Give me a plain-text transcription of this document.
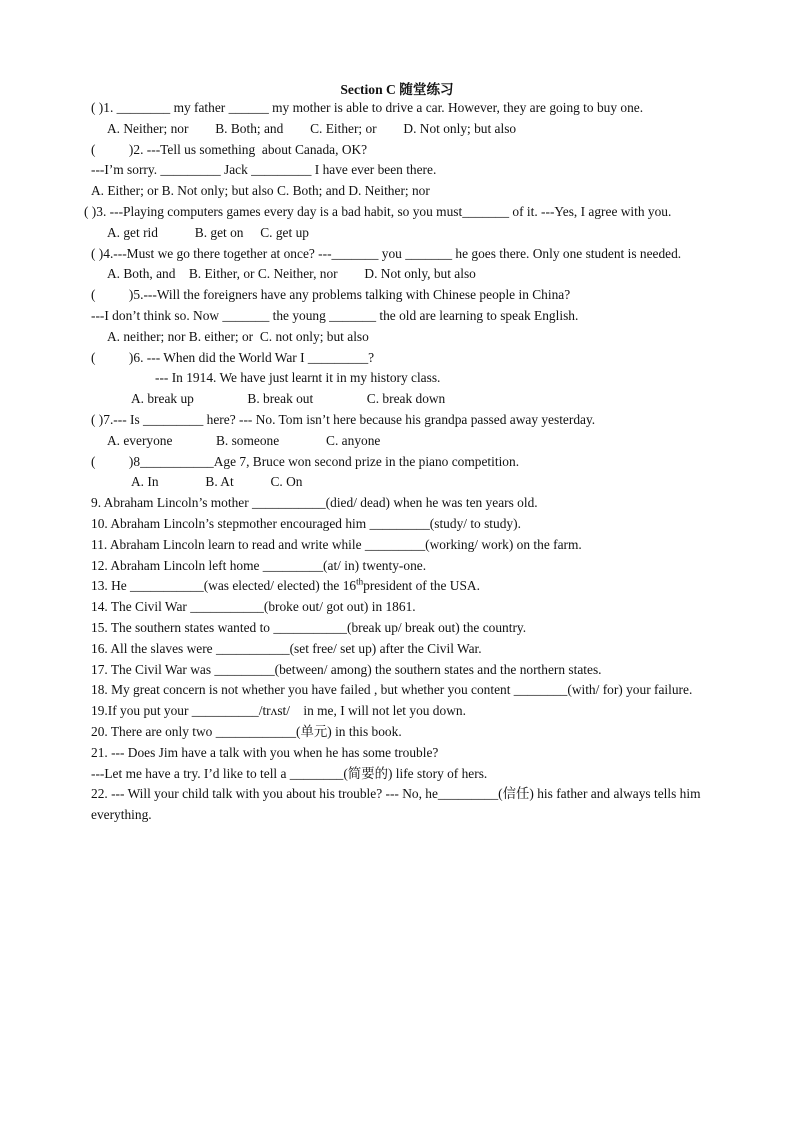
Section C 随堂练习
( )1. ________ my father ______ my mother is able to drive a car. However, they are going to buy one.
A. Neither; nor        B. Both; and        C. Either; or        D. Not only; but also
(          )2. ---Tell us something  about Canada, OK?
---I’m sorry. _________ Jack _________ I have ever been there.
A. Either; or B. Not only; but also C. Both; and D. Neither; nor
( )3. ---Playing computers games every day is a bad habit, so you must_______ of it. ---Yes, I agree with you.
A. get rid           B. get on     C. get up
( )4.---Must we go there together at once? ---_______ you _______ he goes there. Only one student is needed.
A. Both, and    B. Either, or C. Neither, nor        D. Not only, but also
(          )5.---Will the foreigners have any problems talking with Chinese people in China?
---I don’t think so. Now _______ the young _______ the old are learning to speak English.
A. neither; nor B. either; or  C. not only; but also
(          )6. --- When did the World War I _________?
--- In 1914. We have just learnt it in my history class.
A. break up                B. break out                C. break down
( )7.--- Is _________ here? --- No. Tom isn’t here because his grandpa passed away yesterday.
A. everyone             B. someone              C. anyone
(          )8___________Age 7, Bruce won second prize in the piano competition.
A. In              B. At           C. On
9. Abraham Lincoln’s mother ___________(died/ dead) when he was ten years old.
10. Abraham Lincoln’s stepmother encouraged him _________(study/ to study).
11. Abraham Lincoln learn to read and write while _________(working/ work) on the farm.
12. Abraham Lincoln left home _________(at/ in) twenty-one.
13. He ___________(was elected/ elected) the 16thpresident of the USA.
14. The Civil War ___________(broke out/ got out) in 1861.
15. The southern states wanted to ___________(break up/ break out) the country.
16. All the slaves were ___________(set free/ set up) after the Civil War.
17. The Civil War was _________(between/ among) the southern states and the northern states.
18. My great concern is not whether you have failed , but whether you content ________(with/ for) your failure.
19.If you put your __________/trʌst/    in me, I will not let you down.
20. There are only two ____________(单元) in this book.
21. --- Does Jim have a talk with you when he has some trouble?
---Let me have a try. I’d like to tell a ________(简要的) life story of hers.
22. --- Will your child talk with you about his trouble? --- No, he_________(信任) his father and always tells him
everything.
